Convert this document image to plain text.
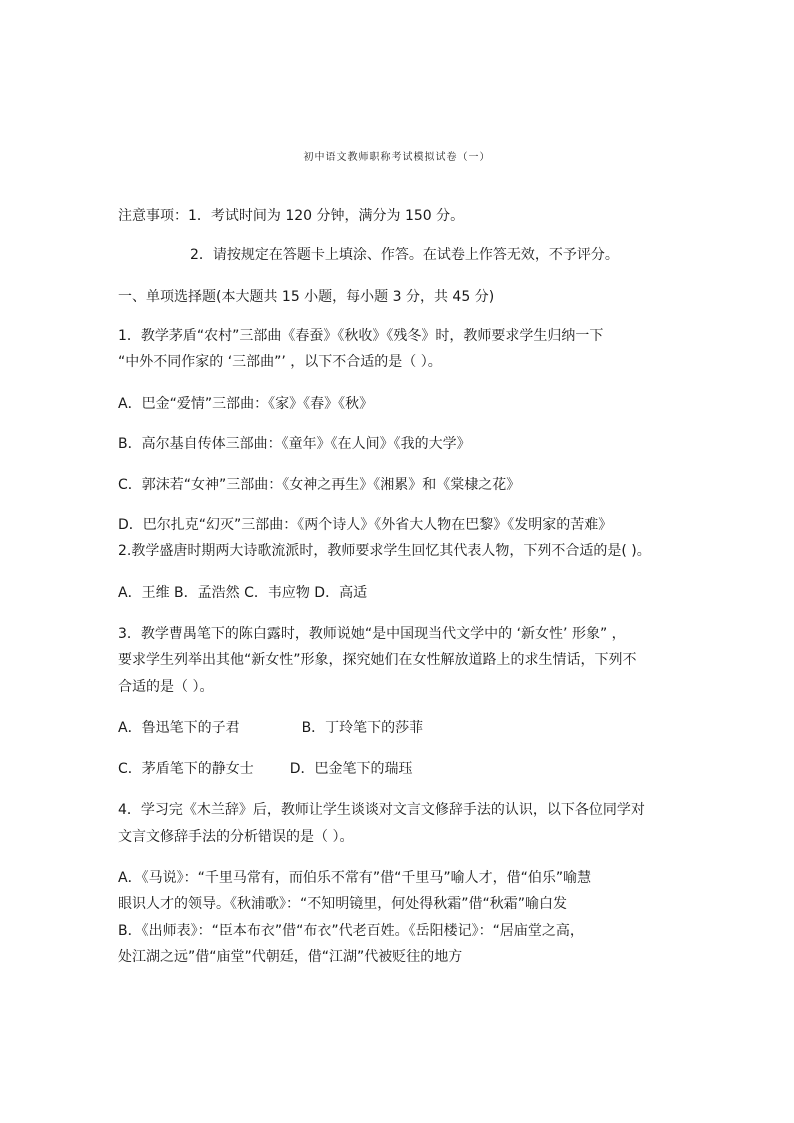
初中语文教师职称考试模拟试卷（一）
注意事项：1．考试时间为 120 分钟，满分为 150 分。
2．请按规定在答题卡上填涂、作答。在试卷上作答无效，不予评分。
一、单项选择题(本大题共 15 小题，每小题 3 分，共 45 分)
1．教学茅盾“农村”三部曲《春蚕》《秋收》《残冬》时，教师要求学生归纳一下
“中外不同作家的 ‘三部曲”’ ，以下不合适的是（ ）。
A．巴金“爱情”三部曲：《家》《春》《秋》
B．高尔基自传体三部曲：《童年》《在人间》《我的大学》
C．郭沫若“女神”三部曲：《女神之再生》《湘累》和《棠棣之花》
D．巴尔扎克“幻灭”三部曲：《两个诗人》《外省大人物在巴黎》《发明家的苦难》
2.教学盛唐时期两大诗歌流派时，教师要求学生回忆其代表人物，下列不合适的是( )。
A．王维 B．孟浩然 C．韦应物 D．高适
3．教学曹禺笔下的陈白露时，教师说她“是中国现当代文学中的 ‘新女性’ 形象” ，
要求学生列举出其他“新女性”形象，探究她们在女性解放道路上的求生情话，下列不
合适的是（ ）。
A．鲁迅笔下的子君	B．丁玲笔下的莎菲
C．茅盾笔下的静女士	D．巴金笔下的瑞珏
4．学习完《木兰辞》后，教师让学生谈谈对文言文修辞手法的认识，以下各位同学对
文言文修辞手法的分析错误的是（ ）。
A．《马说》：“千里马常有，而伯乐不常有”借“千里马”喻人才，借“伯乐”喻慧
眼识人才的领导。《秋浦歌》：“不知明镜里，何处得秋霜”借“秋霜”喻白发
B．《出师表》：“臣本布衣”借“布衣”代老百姓。《岳阳楼记》：“居庙堂之高，
处江湖之远”借“庙堂”代朝廷，借“江湖”代被贬往的地方
